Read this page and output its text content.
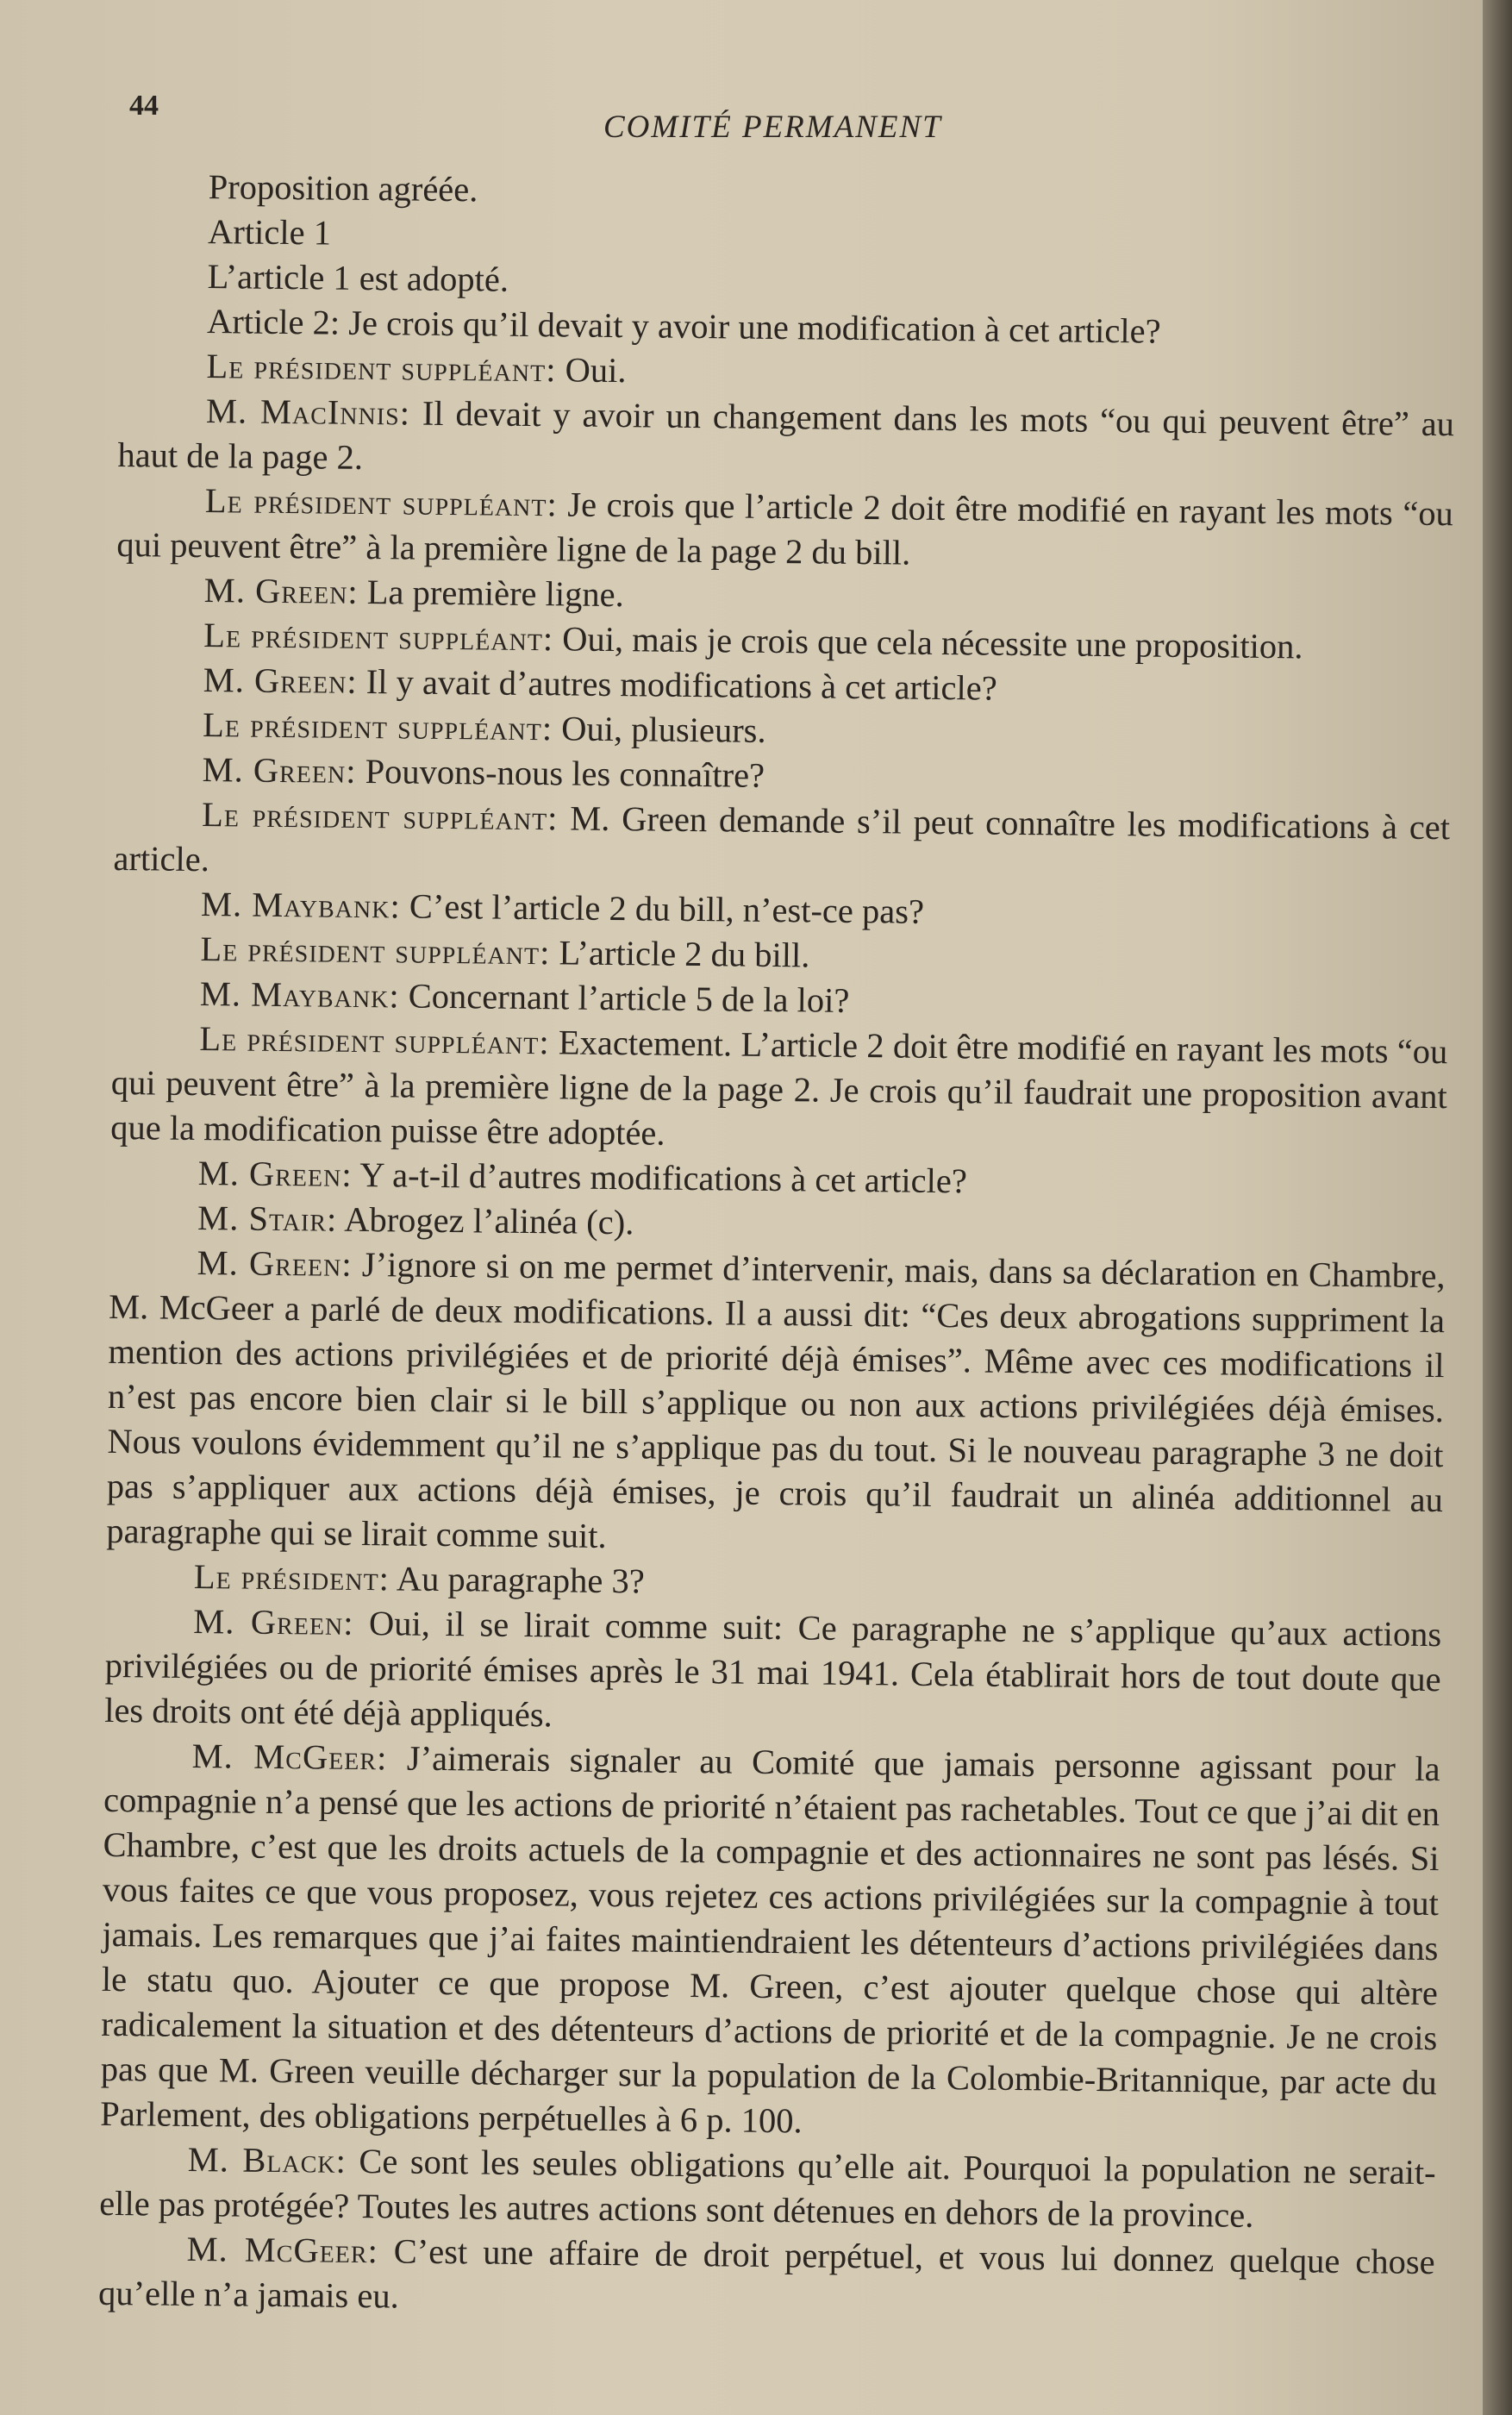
44
COMITÉ PERMANENT

Proposition agréée.

Article 1

L’article 1 est adopté.

Article 2: Je crois qu’il devait y avoir une modification à cet article?

Le président suppléant: Oui.

M. MacInnis: Il devait y avoir un changement dans les mots “ou qui peuvent être” au haut de la page 2.

Le président suppléant: Je crois que l’article 2 doit être modifié en rayant les mots “ou qui peuvent être” à la première ligne de la page 2 du bill.

M. Green: La première ligne.

Le président suppléant: Oui, mais je crois que cela nécessite une proposition.

M. Green: Il y avait d’autres modifications à cet article?

Le président suppléant: Oui, plusieurs.

M. Green: Pouvons-nous les connaître?

Le président suppléant: M. Green demande s’il peut connaître les modifications à cet article.

M. Maybank: C’est l’article 2 du bill, n’est-ce pas?

Le président suppléant: L’article 2 du bill.

M. Maybank: Concernant l’article 5 de la loi?

Le président suppléant: Exactement. L’article 2 doit être modifié en rayant les mots “ou qui peuvent être” à la première ligne de la page 2. Je crois qu’il faudrait une proposition avant que la modification puisse être adoptée.

M. Green: Y a-t-il d’autres modifications à cet article?

M. Stair: Abrogez l’alinéa (c).

M. Green: J’ignore si on me permet d’intervenir, mais, dans sa déclaration en Chambre, M. McGeer a parlé de deux modifications. Il a aussi dit: “Ces deux abrogations suppriment la mention des actions privilégiées et de priorité déjà émises”. Même avec ces modifications il n’est pas encore bien clair si le bill s’applique ou non aux actions privilégiées déjà émises. Nous voulons évidemment qu’il ne s’applique pas du tout. Si le nouveau paragraphe 3 ne doit pas s’appliquer aux actions déjà émises, je crois qu’il faudrait un alinéa additionnel au paragraphe qui se lirait comme suit.

Le président: Au paragraphe 3?

M. Green: Oui, il se lirait comme suit: Ce paragraphe ne s’applique qu’aux actions privilégiées ou de priorité émises après le 31 mai 1941. Cela établirait hors de tout doute que les droits ont été déjà appliqués.

M. McGeer: J’aimerais signaler au Comité que jamais personne agissant pour la compagnie n’a pensé que les actions de priorité n’étaient pas rachetables. Tout ce que j’ai dit en Chambre, c’est que les droits actuels de la compagnie et des actionnaires ne sont pas lésés. Si vous faites ce que vous proposez, vous rejetez ces actions privilégiées sur la compagnie à tout jamais. Les remarques que j’ai faites maintiendraient les détenteurs d’actions privilégiées dans le statu quo. Ajouter ce que propose M. Green, c’est ajouter quelque chose qui altère radicalement la situation et des détenteurs d’actions de priorité et de la compagnie. Je ne crois pas que M. Green veuille décharger sur la population de la Colombie-Britannique, par acte du Parlement, des obligations perpétuelles à 6 p. 100.

M. Black: Ce sont les seules obligations qu’elle ait. Pourquoi la population ne serait-elle pas protégée? Toutes les autres actions sont détenues en dehors de la province.

M. McGeer: C’est une affaire de droit perpétuel, et vous lui donnez quelque chose qu’elle n’a jamais eu.
